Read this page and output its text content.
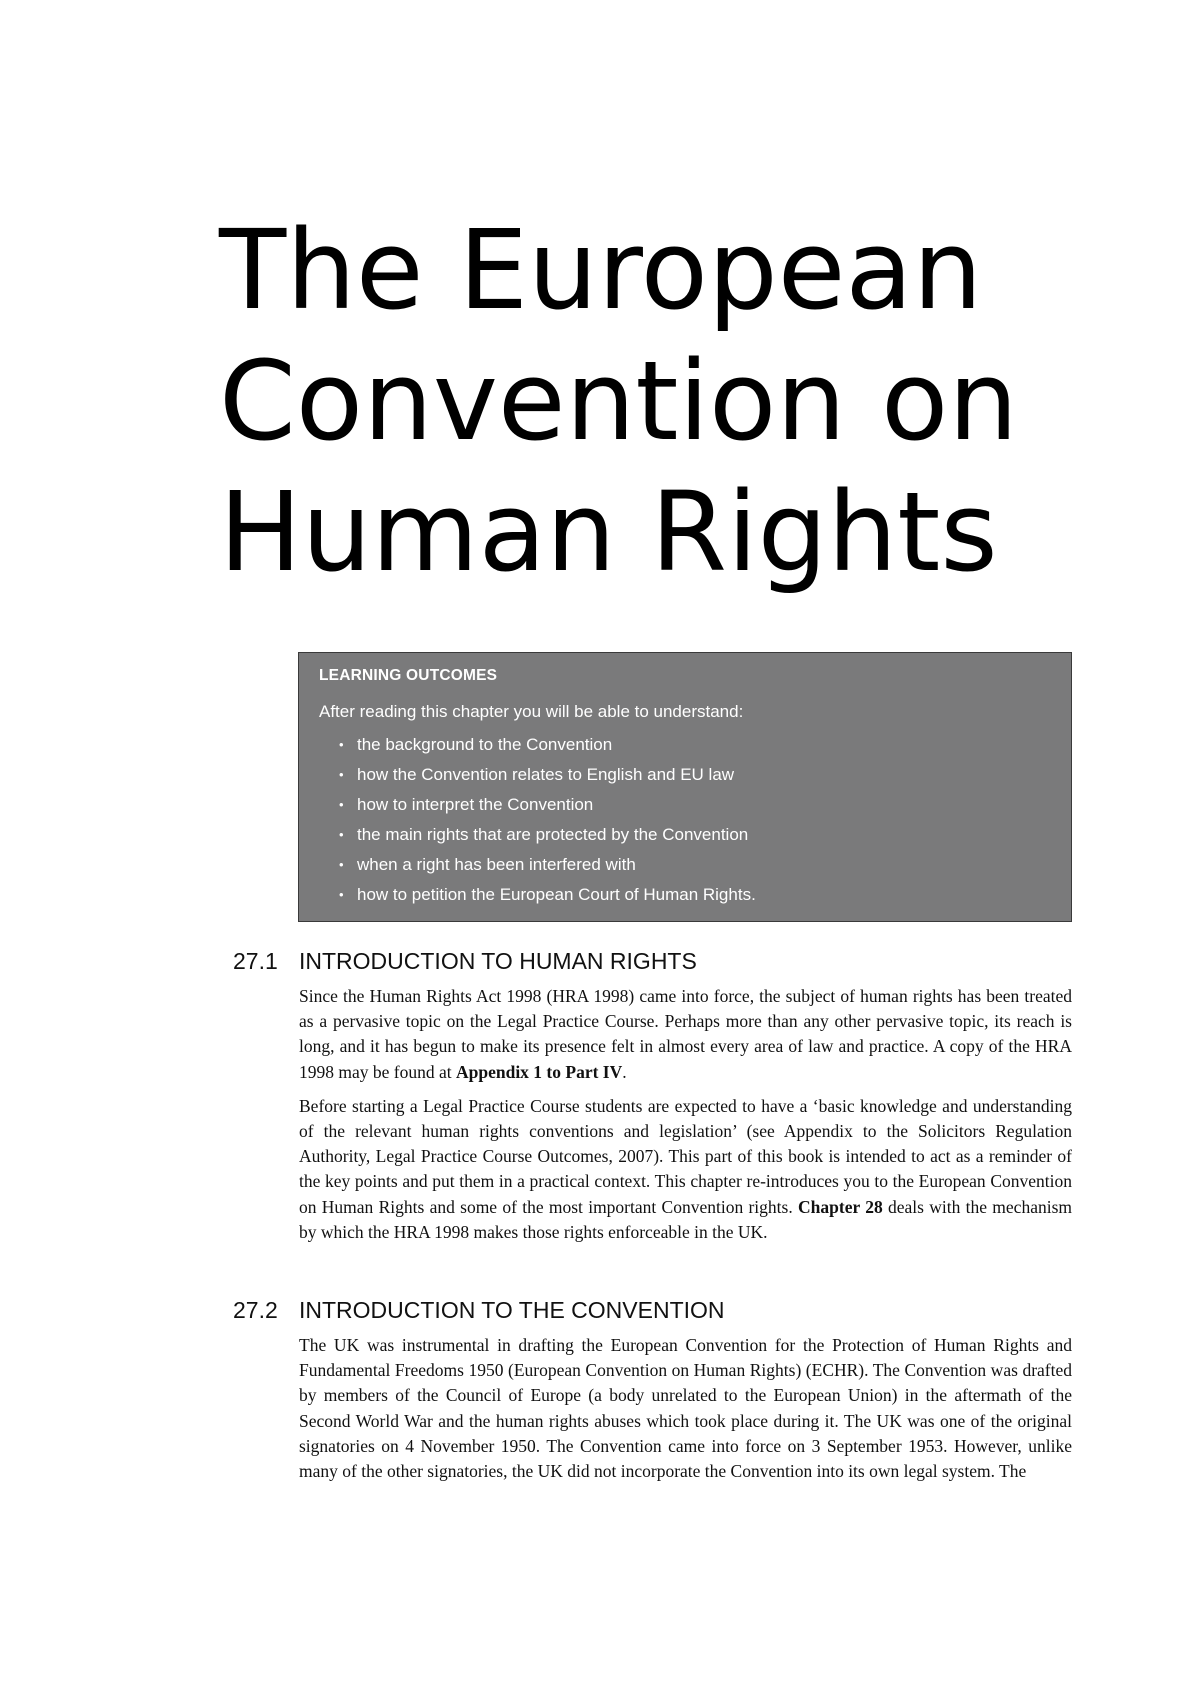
The European
Convention on
Human Rights
LEARNING OUTCOMES
After reading this chapter you will be able to understand:
• the background to the Convention
• how the Convention relates to English and EU law
• how to interpret the Convention
• the main rights that are protected by the Convention
• when a right has been interfered with
• how to petition the European Court of Human Rights.
27.1 INTRODUCTION TO HUMAN RIGHTS

Since the Human Rights Act 1998 (HRA 1998) came into force, the subject of human rights has been treated as a pervasive topic on the Legal Practice Course. Perhaps more than any other pervasive topic, its reach is long, and it has begun to make its presence felt in almost every area of law and practice. A copy of the HRA 1998 may be found at Appendix 1 to Part IV.

Before starting a Legal Practice Course students are expected to have a ‘basic knowledge and understanding of the relevant human rights conventions and legislation’ (see Appendix to the Solicitors Regulation Authority, Legal Practice Course Outcomes, 2007). This part of this book is intended to act as a reminder of the key points and put them in a practical context. This chapter re-introduces you to the European Convention on Human Rights and some of the most important Convention rights. Chapter 28 deals with the mechanism by which the HRA 1998 makes those rights enforceable in the UK.

27.2 INTRODUCTION TO THE CONVENTION

The UK was instrumental in drafting the European Convention for the Protection of Human Rights and Fundamental Freedoms 1950 (European Convention on Human Rights) (ECHR). The Convention was drafted by members of the Council of Europe (a body unrelated to the European Union) in the aftermath of the Second World War and the human rights abuses which took place during it. The UK was one of the original signatories on 4 November 1950. The Convention came into force on 3 September 1953. However, unlike many of the other signatories, the UK did not incorporate the Convention into its own legal system. The
